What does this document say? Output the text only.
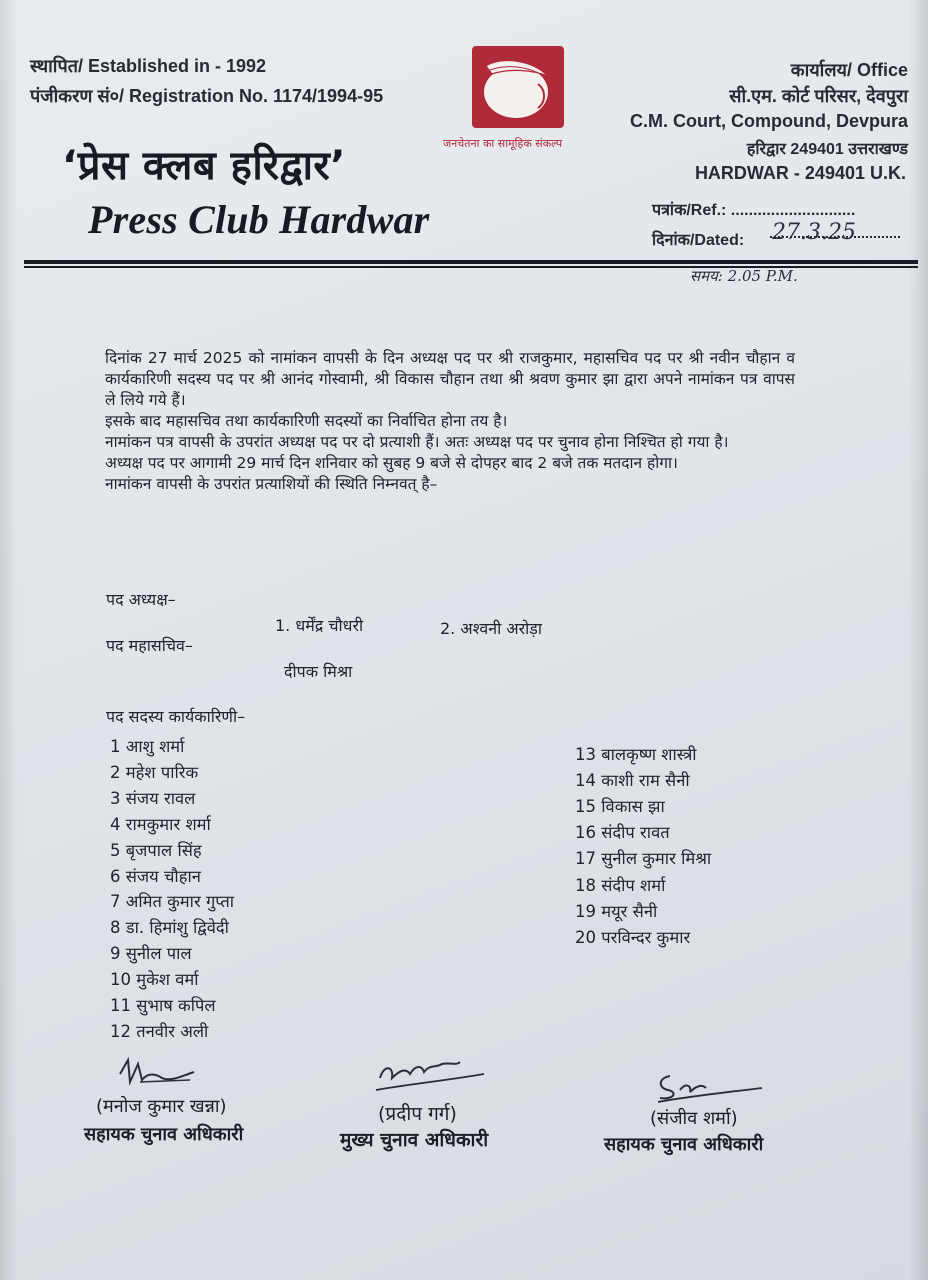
स्थापित/ Established in - 1992
पंजीकरण सं०/ Registration No. 1174/1994-95
‘प्रेस क्लब हरिद्वार’
Press Club Hardwar
जनचेतना का सामूहिक संकल्प
कार्यालय/ Office
सी.एम. कोर्ट परिसर, देवपुरा
C.M. Court, Compound, Devpura
हरिद्वार 249401 उत्तराखण्ड
HARDWAR - 249401 U.K.
पत्रांक/Ref.: ............................
दिनांक/Dated: 27.3.25
समय: 2.05 P.M.

दिनांक 27 मार्च 2025 को नामांकन वापसी के दिन अध्यक्ष पद पर श्री राजकुमार, महासचिव पद पर श्री नवीन चौहान व कार्यकारिणी सदस्य पद पर श्री आनंद गोस्वामी, श्री विकास चौहान तथा श्री श्रवण कुमार झा द्वारा अपने नामांकन पत्र वापस ले लिये गये हैं।

इसके बाद महासचिव तथा कार्यकारिणी सदस्यों का निर्वाचित होना तय है।

नामांकन पत्र वापसी के उपरांत अध्यक्ष पद पर दो प्रत्याशी हैं। अतः अध्यक्ष पद पर चुनाव होना निश्चित हो गया है।

अध्यक्ष पद पर आगामी 29 मार्च दिन शनिवार को सुबह 9 बजे से दोपहर बाद 2 बजे तक मतदान होगा।

नामांकन वापसी के उपरांत प्रत्याशियों की स्थिति निम्नवत् है–

पद अध्यक्ष–
1. धर्मेंद्र चौधरी	2. अश्वनी अरोड़ा
पद महासचिव–
दीपक मिश्रा
पद सदस्य कार्यकारिणी–
(मनोज कुमार खन्ना)
सहायक चुनाव अधिकारी
(प्रदीप गर्ग)
मुख्य चुनाव अधिकारी
(संजीव शर्मा)
सहायक चुनाव अधिकारी
1 आशु शर्मा
2 महेश पारिक
3 संजय रावल
4 रामकुमार शर्मा
5 बृजपाल सिंह
6 संजय चौहान
7 अमित कुमार गुप्ता
8 डा. हिमांशु द्विवेदी
9 सुनील पाल
10 मुकेश वर्मा
11 सुभाष कपिल
12 तनवीर अली
13 बालकृष्ण शास्त्री
14 काशी राम सैनी
15 विकास झा
16 संदीप रावत
17 सुनील कुमार मिश्रा
18 संदीप शर्मा
19 मयूर सैनी
20 परविन्दर कुमार
